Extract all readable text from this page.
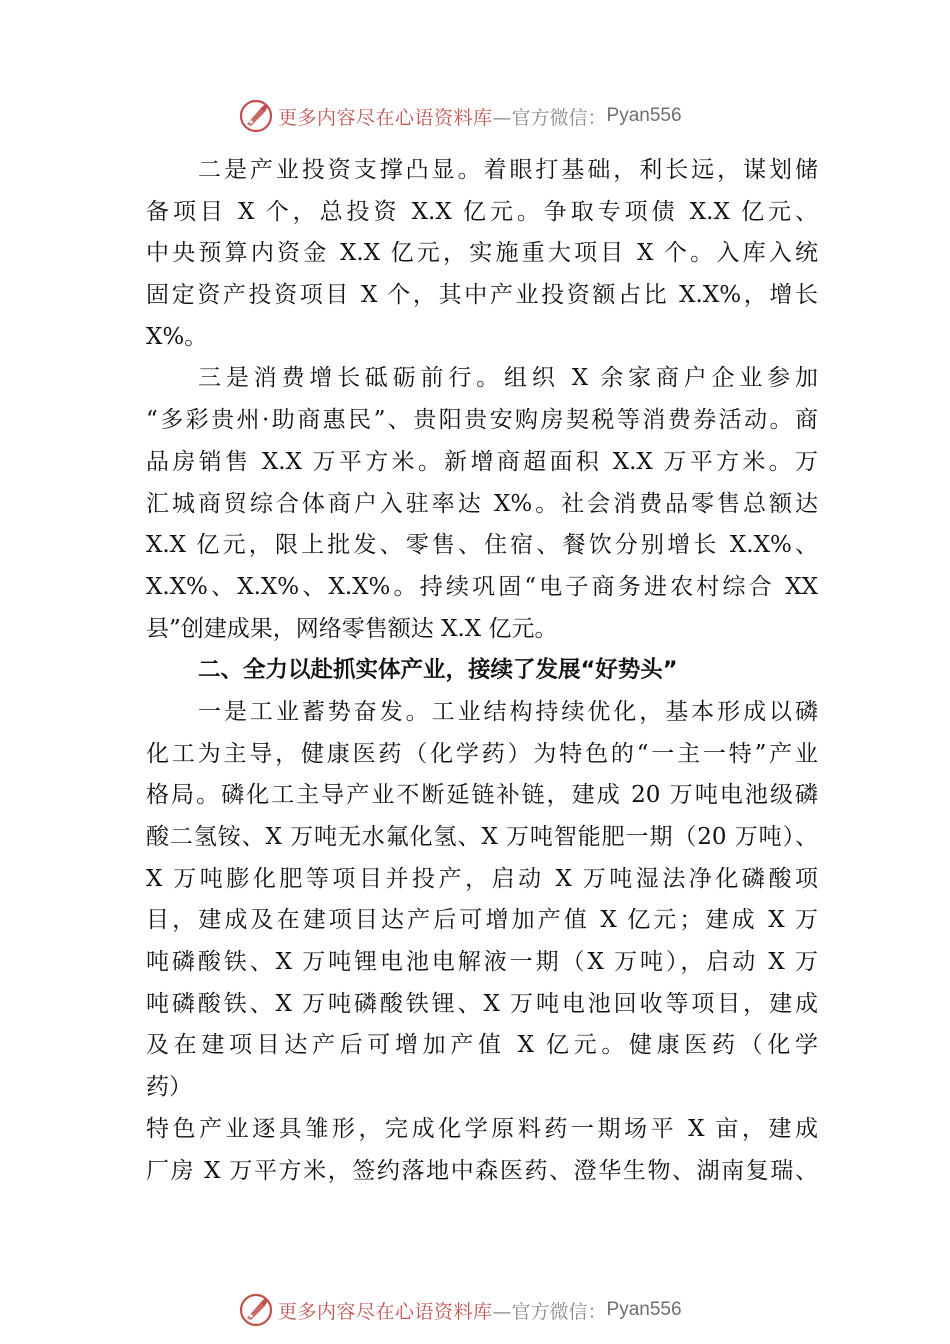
更多内容尽在心语资料库 —官方微信： Pyan556
二是产业投资支撑凸显。着眼打基础，利长远，谋划储
备项目 X 个，总投资 X.X 亿元。争取专项债 X.X 亿元、
中央预算内资金 X.X 亿元，实施重大项目 X 个。入库入统
固定资产投资项目 X 个，其中产业投资额占比 X.X%，增长
X%。
三是消费增长砥砺前行。组织 X 余家商户企业参加
“多彩贵州·助商惠民”、贵阳贵安购房契税等消费券活动。商
品房销售 X.X 万平方米。新增商超面积 X.X 万平方米。万
汇城商贸综合体商户入驻率达 X%。社会消费品零售总额达
X.X 亿元，限上批发、零售、住宿、餐饮分别增长 X.X%、
X.X%、X.X%、X.X%。持续巩固“电子商务进农村综合 XX
县”创建成果，网络零售额达 X.X 亿元。
二、全力以赴抓实体产业，接续了发展“好势头”
一是工业蓄势奋发。工业结构持续优化，基本形成以磷
化工为主导，健康医药（化学药）为特色的“一主一特”产业
格局。磷化工主导产业不断延链补链，建成 20 万吨电池级磷
酸二氢铵、X 万吨无水氟化氢、X 万吨智能肥一期（20 万吨）、
X 万吨膨化肥等项目并投产，启动 X 万吨湿法净化磷酸项
目，建成及在建项目达产后可增加产值 X 亿元；建成 X 万
吨磷酸铁、X 万吨锂电池电解液一期（X 万吨），启动 X 万
吨磷酸铁、X 万吨磷酸铁锂、X 万吨电池回收等项目，建成
及在建项目达产后可增加产值 X 亿元。健康医药（化学
药）
特色产业逐具雏形，完成化学原料药一期场平 X 亩，建成
厂房 X 万平方米，签约落地中森医药、澄华生物、湖南复瑞、
更多内容尽在心语资料库 —官方微信： Pyan556
